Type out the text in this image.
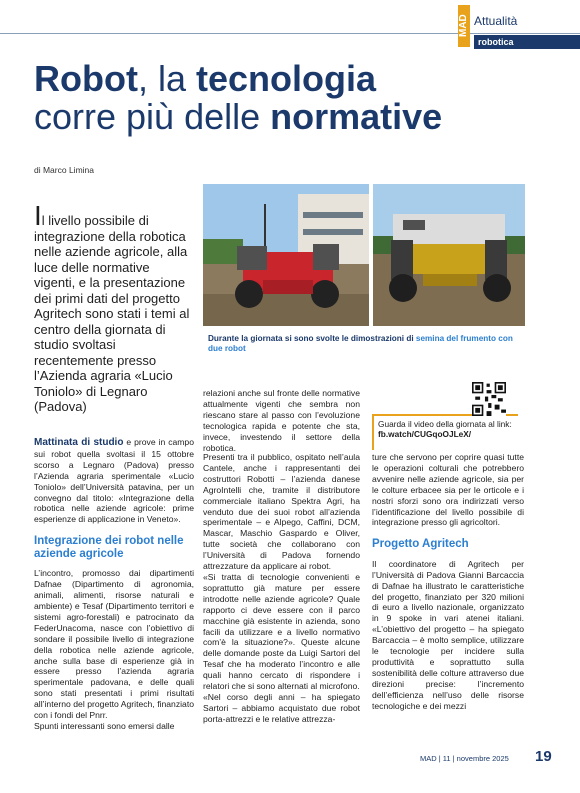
MAD Attualità
robotica
Robot, la tecnologia
corre più delle normative
di Marco Limina
Il livello possibile di integrazione della robotica nelle aziende agricole, alla luce delle normative vigenti, e la presentazione dei primi dati del progetto Agritech sono stati i temi al centro della giornata di studio svoltasi recentemente presso l’Azienda agraria «Lucio Toniolo» di Legnaro (Padova)
Durante la giornata si sono svolte le dimostrazioni di semina del frumento con due robot
Guarda il video della giornata al link: fb.watch/CUGqoOJLeX/

Mattinata di studio e prove in campo sui robot quella svoltasi il 15 ottobre scorso a Legnaro (Padova) presso l’Azienda agraria sperimentale «Lucio Toniolo» dell’Università patavina, per un convegno dal titolo: «Integrazione della robotica nelle aziende agricole: prime esperienze di applicazione in Veneto».

Integrazione dei robot nelle aziende agricole

L’incontro, promosso dai dipartimenti Dafnae (Dipartimento di agronomia, animali, alimenti, risorse naturali e ambiente) e Tesaf (Dipartimento territori e sistemi agro-forestali) e patrocinato da FederUnacoma, nasce con l’obiettivo di sondare il possibile livello di integrazione della robotica nelle aziende agricole, anche sulla base di esperienze già in essere presso l’azienda agraria sperimentale padovana, e delle quali sono stati presentati i primi risultati all’interno del progetto Agritech, finanziato con i fondi del Pnrr.

Spunti interessanti sono emersi dalle

relazioni anche sul fronte delle normative attualmente vigenti che sembra non riescano stare al passo con l’evoluzione tecnologica rapida e potente che sta, invece, investendo il settore della robotica.

Presenti tra il pubblico, ospitato nell’aula Cantele, anche i rappresentanti dei costruttori Robotti – l’azienda danese AgroIntelli che, tramite il distributore commerciale italiano Spektra Agri, ha venduto due dei suoi robot all’azienda sperimentale – e Alpego, Caffini, DCM, Mascar, Maschio Gaspardo e Oliver, tutte società che collaborano con l’Università di Padova fornendo attrezzature da applicare ai robot.

«Si tratta di tecnologie convenienti e soprattutto già mature per essere introdotte nelle aziende agricole? Quale rapporto ci deve essere con il parco macchine già esistente in azienda, sono facili da utilizzare e a livello normativo com’è la situazione?». Queste alcune delle domande poste da Luigi Sartori del Tesaf che ha moderato l’incontro e alle quali hanno cercato di rispondere i relatori che si sono alternati al microfono.

«Nel corso degli anni – ha spiegato Sartori – abbiamo acquistato due robot porta-attrezzi e le relative attrezza-

ture che servono per coprire quasi tutte le operazioni colturali che potrebbero avvenire nelle aziende agricole, sia per le colture erbacee sia per le orticole e i nostri sforzi sono ora indirizzati verso l’identificazione del livello possibile di integrazione presso gli agricoltori.

Progetto Agritech

Il coordinatore di Agritech per l’Università di Padova Gianni Barcaccia di Dafnae ha illustrato le caratteristiche del progetto, finanziato per 320 milioni di euro a livello nazionale, organizzato in 9 spoke in vari atenei italiani. «L’obiettivo del progetto – ha spiegato Barcaccia – è molto semplice, utilizzare le tecnologie per incidere sulla produttività e soprattutto sulla sostenibilità delle colture attraverso due direzioni precise: l’incremento dell’efficienza nell’uso delle risorse tecnologiche e dei mezzi

MAD | 11 | novembre 2025 19
